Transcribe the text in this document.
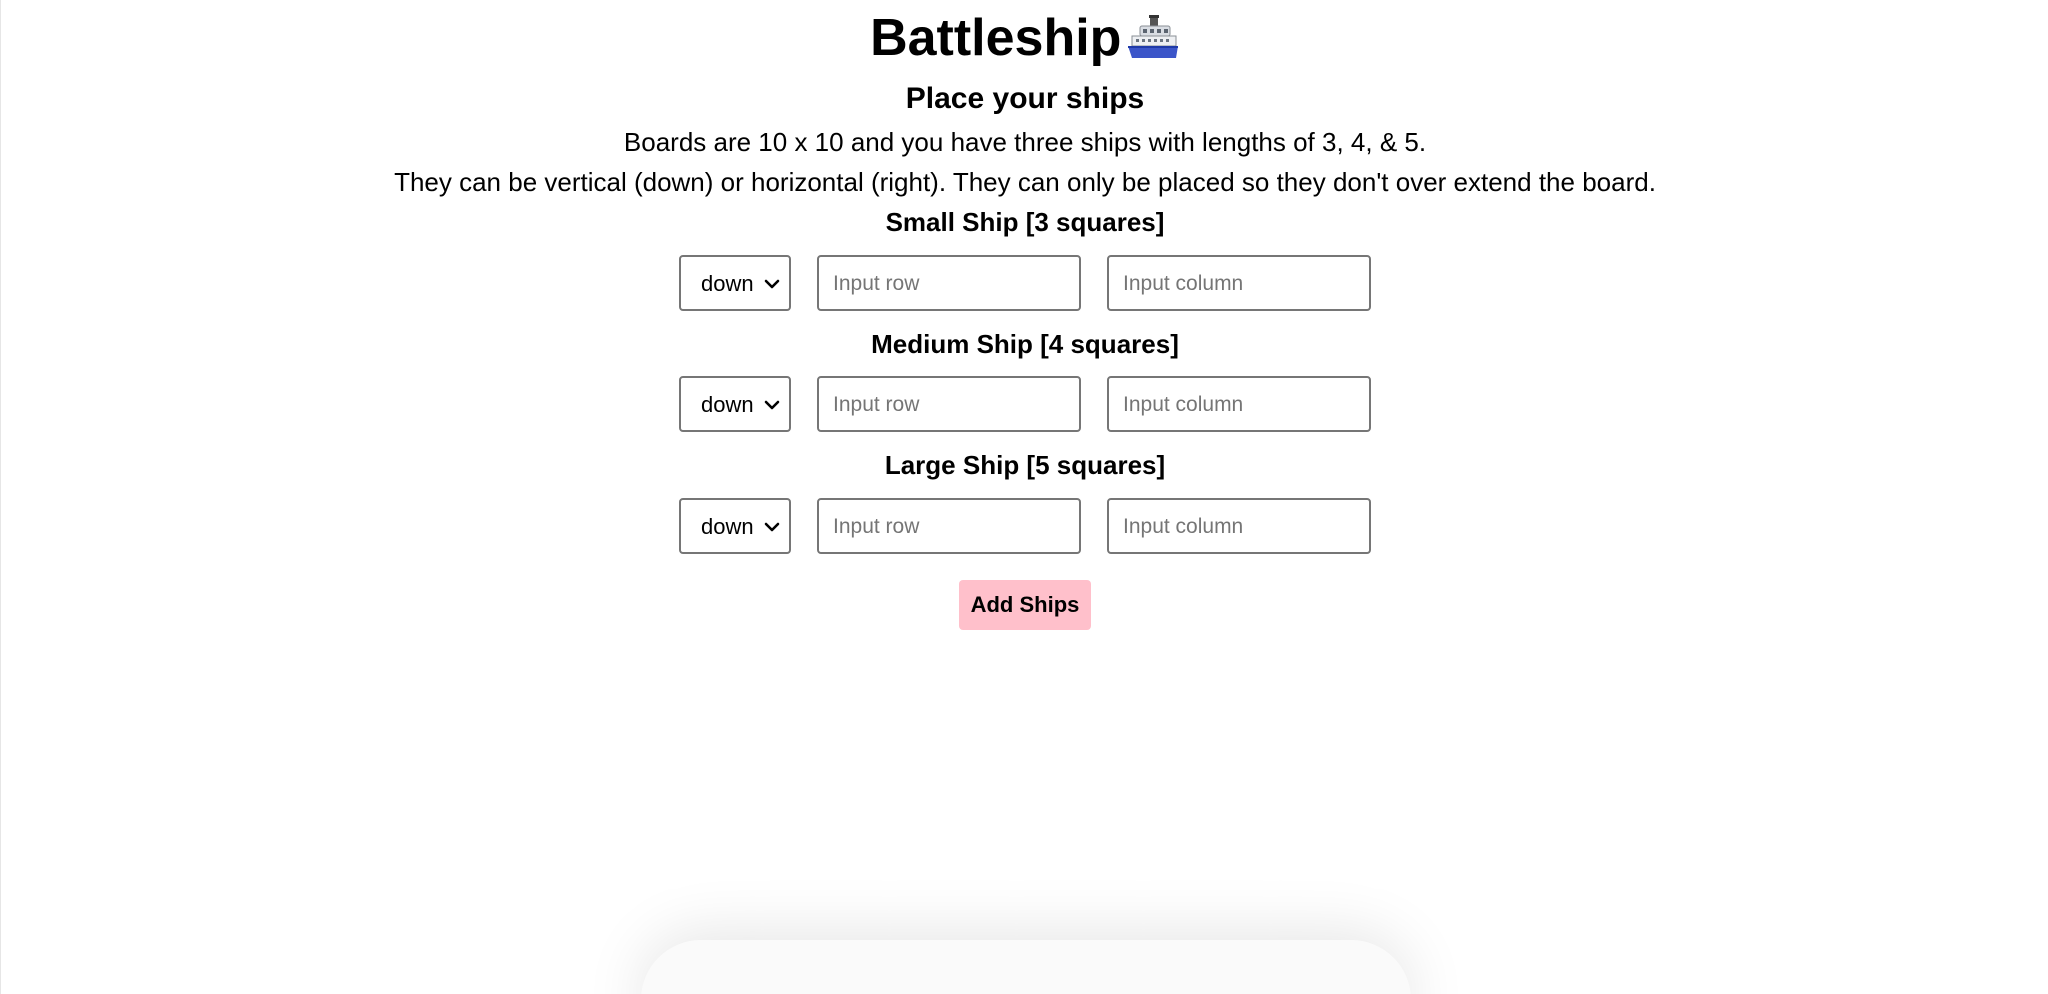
Battleship
Place your ships
Boards are 10 x 10 and you have three ships with lengths of 3, 4, & 5.
They can be vertical (down) or horizontal (right). They can only be placed so they don't over extend the board.
Small Ship [3 squares]
down	Input row	Input column
Medium Ship [4 squares]
down	Input row	Input column
Large Ship [5 squares]
down	Input row	Input column
Add Ships
